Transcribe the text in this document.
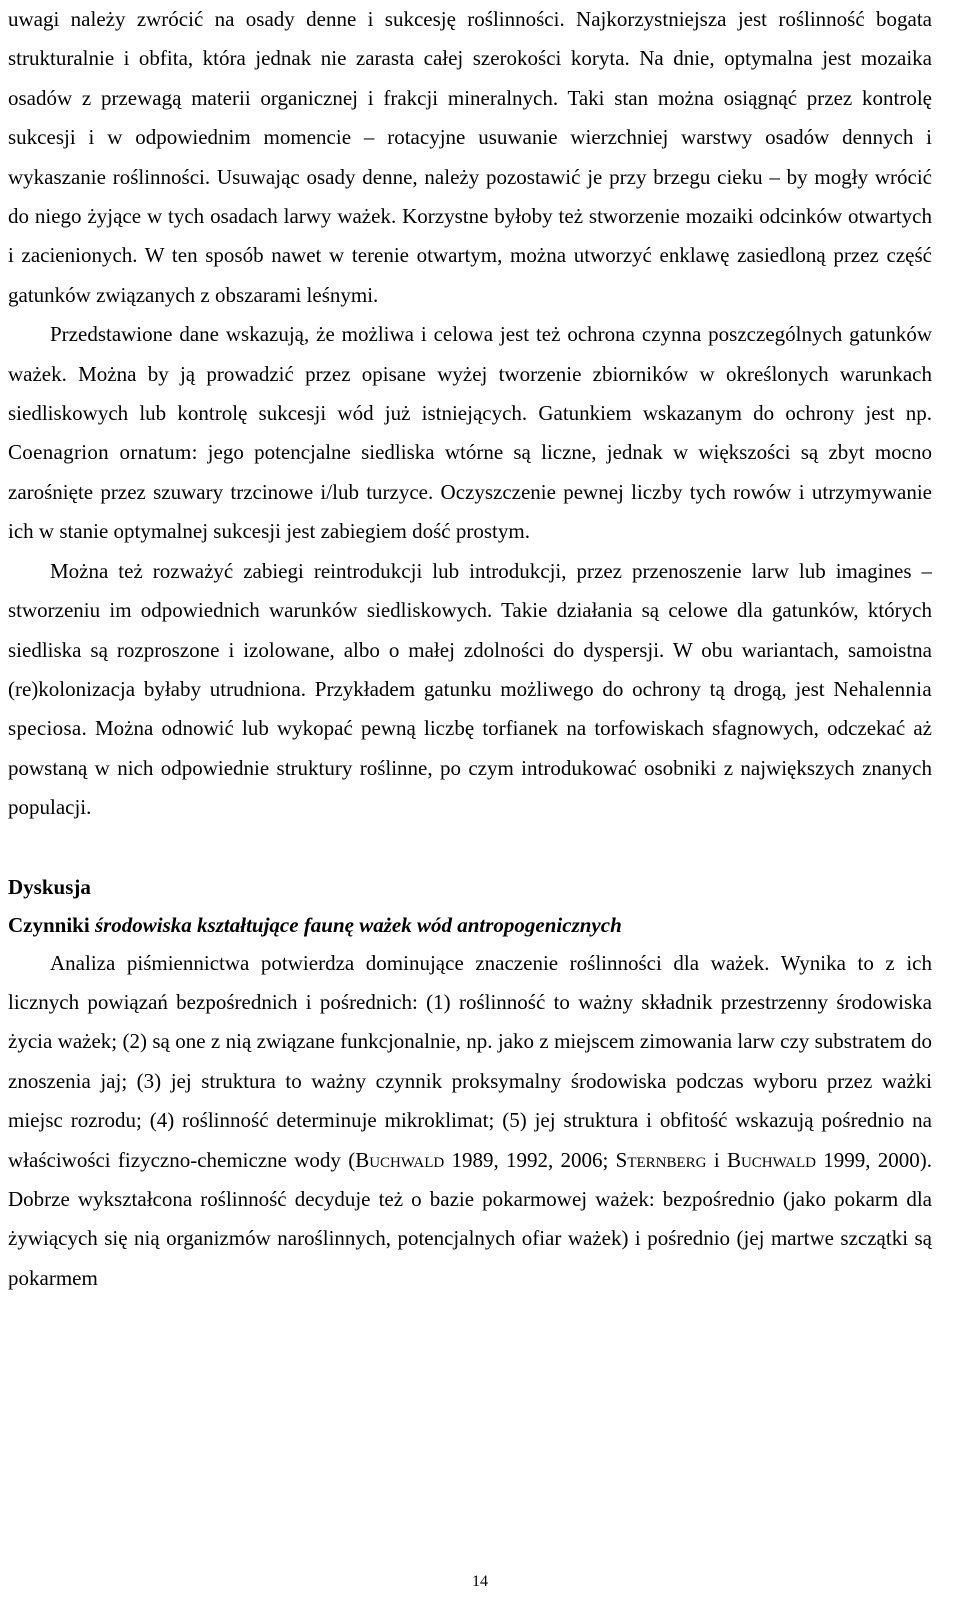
uwagi należy zwrócić na osady denne i sukcesję roślinności. Najkorzystniejsza jest roślinność bogata strukturalnie i obfita, która jednak nie zarasta całej szerokości koryta. Na dnie, optymalna jest mozaika osadów z przewagą materii organicznej i frakcji mineralnych. Taki stan można osiągnąć przez kontrolę sukcesji i w odpowiednim momencie – rotacyjne usuwanie wierzchniej warstwy osadów dennych i wykaszanie roślinności. Usuwając osady denne, należy pozostawić je przy brzegu cieku – by mogły wrócić do niego żyjące w tych osadach larwy ważek. Korzystne byłoby też stworzenie mozaiki odcinków otwartych i zacienionych. W ten sposób nawet w terenie otwartym, można utworzyć enklawę zasiedloną przez część gatunków związanych z obszarami leśnymi.

Przedstawione dane wskazują, że możliwa i celowa jest też ochrona czynna poszczególnych gatunków ważek. Można by ją prowadzić przez opisane wyżej tworzenie zbiorników w określonych warunkach siedliskowych lub kontrolę sukcesji wód już istniejących. Gatunkiem wskazanym do ochrony jest np. Coenagrion ornatum: jego potencjalne siedliska wtórne są liczne, jednak w większości są zbyt mocno zarośnięte przez szuwary trzcinowe i/lub turzyce. Oczyszczenie pewnej liczby tych rowów i utrzymywanie ich w stanie optymalnej sukcesji jest zabiegiem dość prostym.

Można też rozważyć zabiegi reintrodukcji lub introdukcji, przez przenoszenie larw lub imagines – stworzeniu im odpowiednich warunków siedliskowych. Takie działania są celowe dla gatunków, których siedliska są rozproszone i izolowane, albo o małej zdolności do dyspersji. W obu wariantach, samoistna (re)kolonizacja byłaby utrudniona. Przykładem gatunku możliwego do ochrony tą drogą, jest Nehalennia speciosa. Można odnowić lub wykopać pewną liczbę torfianek na torfowiskach sfagnowych, odczekać aż powstaną w nich odpowiednie struktury roślinne, po czym introdukować osobniki z największych znanych populacji.

Dyskusja
Czynniki środowiska kształtujące faunę ważek wód antropogenicznych

Analiza piśmiennictwa potwierdza dominujące znaczenie roślinności dla ważek. Wynika to z ich licznych powiązań bezpośrednich i pośrednich: (1) roślinność to ważny składnik przestrzenny środowiska życia ważek; (2) są one z nią związane funkcjonalnie, np. jako z miejscem zimowania larw czy substratem do znoszenia jaj; (3) jej struktura to ważny czynnik proksymalny środowiska podczas wyboru przez ważki miejsc rozrodu; (4) roślinność determinuje mikroklimat; (5) jej struktura i obfitość wskazują pośrednio na właściwości fizyczno-chemiczne wody (Buchwald 1989, 1992, 2006; Sternberg i Buchwald 1999, 2000). Dobrze wykształcona roślinność decyduje też o bazie pokarmowej ważek: bezpośrednio (jako pokarm dla żywiących się nią organizmów naroślinnych, potencjalnych ofiar ważek) i pośrednio (jej martwe szczątki są pokarmem

14
